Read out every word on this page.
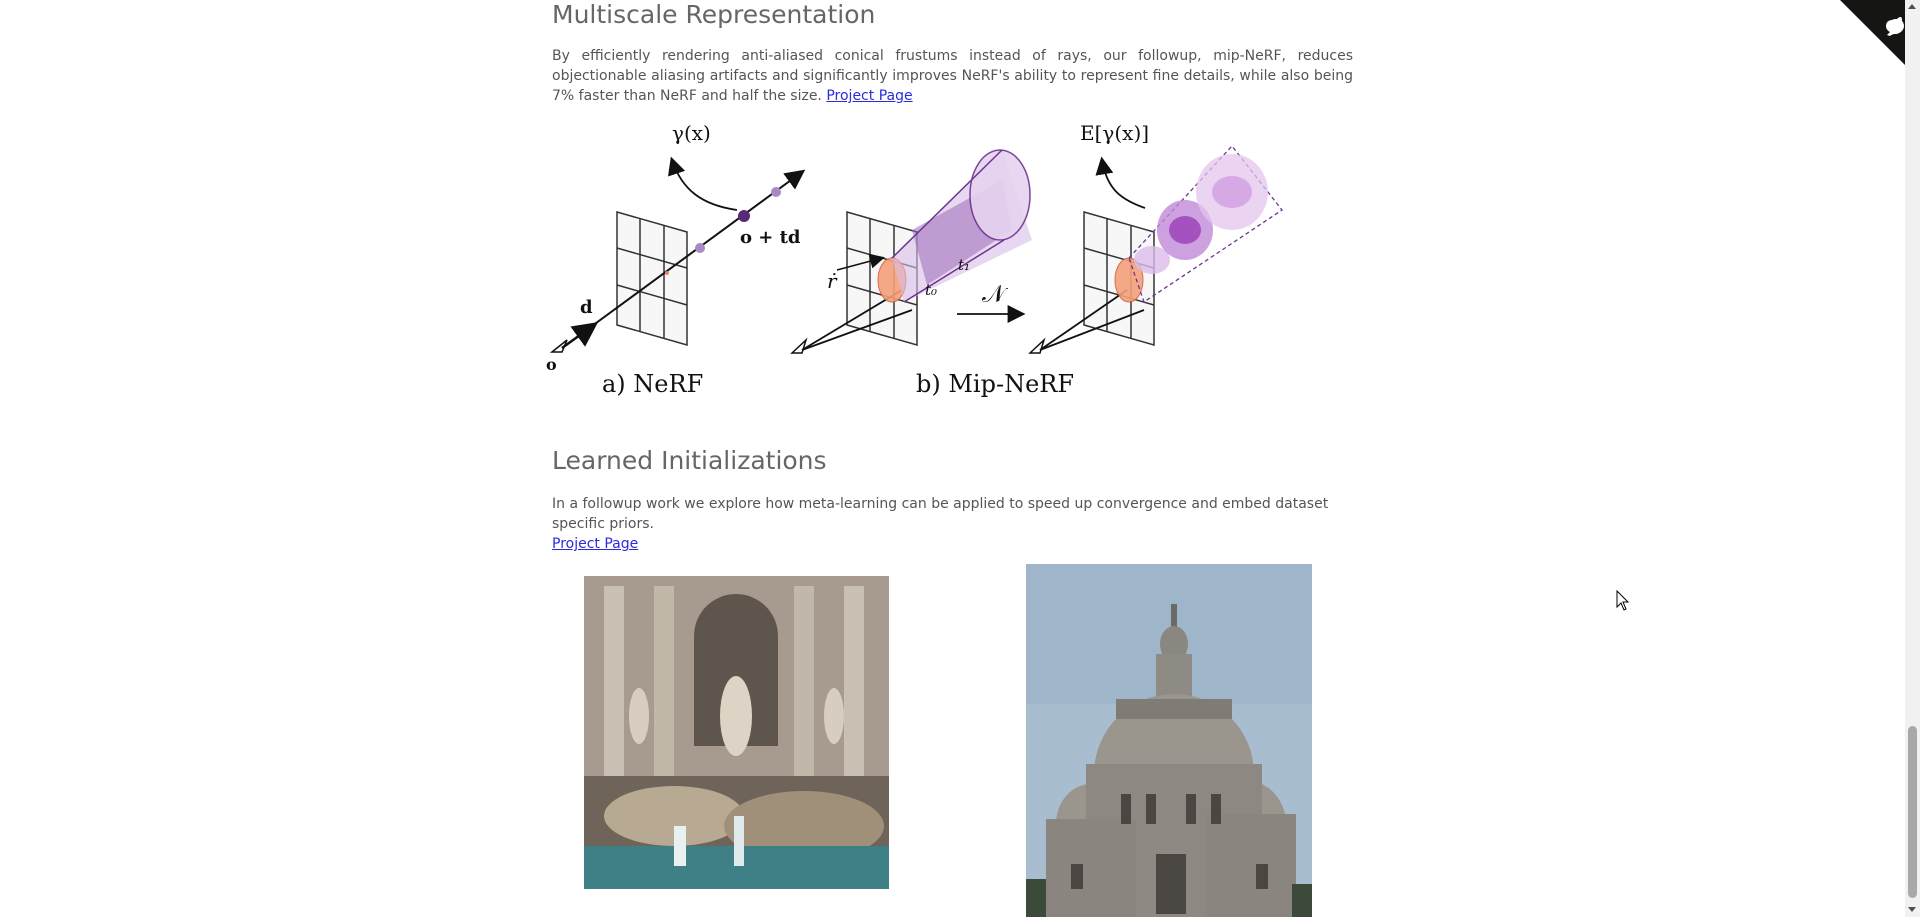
Multiscale Representation

By efficiently rendering anti-aliased conical frustums instead of rays, our followup, mip-NeRF, reduces objectionable aliasing artifacts and significantly improves NeRF's ability to represent fine details, while also being 7% faster than NeRF and half the size. Project Page

γ(x)
o + td
d
o
a) NeRF
ṙ	t₀
t₁
𝒩
b) Mip-NeRF
E[γ(x)]
Learned Initializations

In a followup work we explore how meta-learning can be applied to speed up convergence and embed dataset specific priors.
Project Page
